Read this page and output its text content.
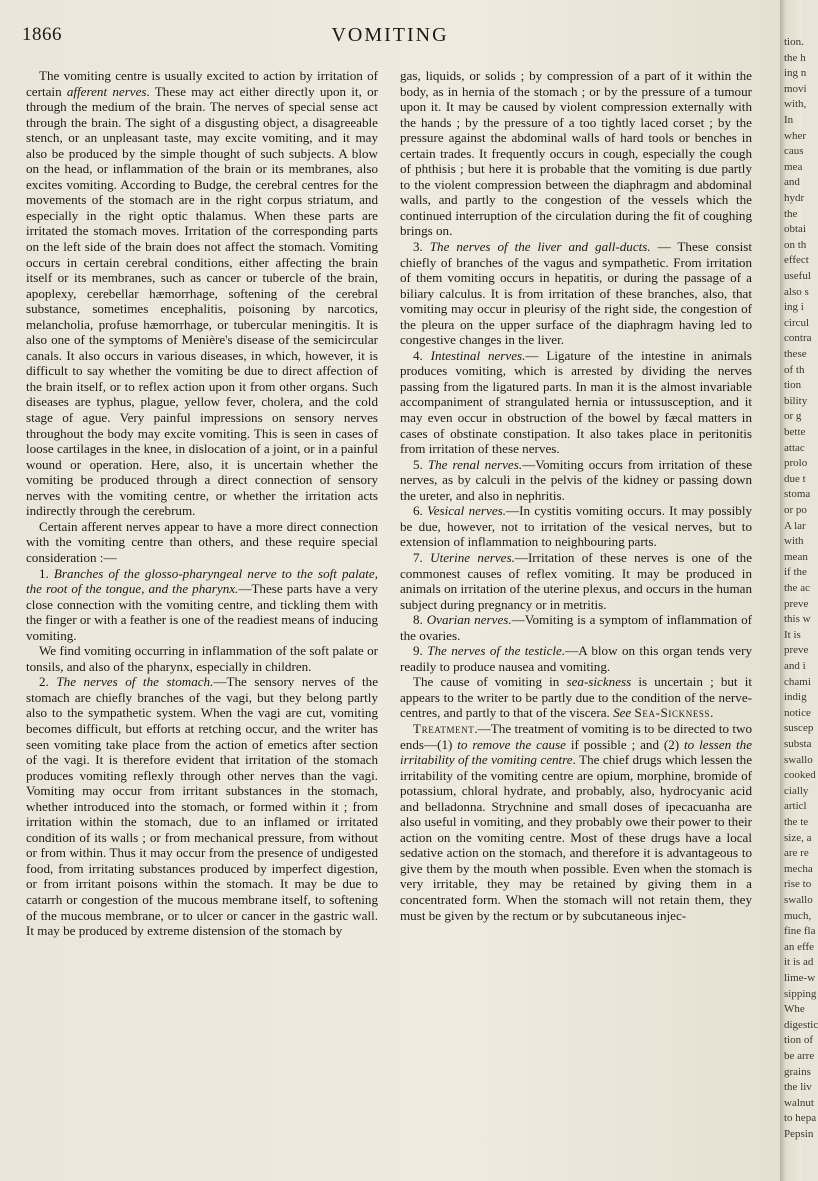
1866	VOMITING

The vomiting centre is usually excited to action by irritation of certain afferent nerves. These may act either directly upon it, or through the medium of the brain. The nerves of special sense act through the brain. The sight of a disgusting object, a disagreeable stench, or an unpleasant taste, may excite vomiting, and it may also be produced by the simple thought of such subjects. A blow on the head, or inflammation of the brain or its membranes, also excites vomiting. According to Budge, the cerebral centres for the movements of the stomach are in the right corpus striatum, and especially in the right optic thalamus. When these parts are irritated the stomach moves. Irritation of the corresponding parts on the left side of the brain does not affect the stomach. Vomiting occurs in certain cerebral conditions, either affecting the brain itself or its membranes, such as cancer or tubercle of the brain, apoplexy, cerebellar hæmorrhage, softening of the cerebral substance, sometimes encephalitis, poisoning by narcotics, melancholia, profuse hæmorrhage, or tubercular meningitis. It is also one of the symptoms of Menière's disease of the semicircular canals. It also occurs in various diseases, in which, however, it is difficult to say whether the vomiting be due to direct affection of the brain itself, or to reflex action upon it from other organs. Such diseases are typhus, plague, yellow fever, cholera, and the cold stage of ague. Very painful impressions on sensory nerves throughout the body may excite vomiting. This is seen in cases of loose cartilages in the knee, in dislocation of a joint, or in a painful wound or operation. Here, also, it is uncertain whether the vomiting be produced through a direct connection of sensory nerves with the vomiting centre, or whether the irritation acts indirectly through the cerebrum.

Certain afferent nerves appear to have a more direct connection with the vomiting centre than others, and these require special consideration :—

1. Branches of the glosso-pharyngeal nerve to the soft palate, the root of the tongue, and the pharynx.—These parts have a very close connection with the vomiting centre, and tickling them with the finger or with a feather is one of the readiest means of inducing vomiting.

We find vomiting occurring in inflammation of the soft palate or tonsils, and also of the pharynx, especially in children.

2. The nerves of the stomach.—The sensory nerves of the stomach are chiefly branches of the vagi, but they belong partly also to the sympathetic system. When the vagi are cut, vomiting becomes difficult, but efforts at retching occur, and the writer has seen vomiting take place from the action of emetics after section of the vagi. It is therefore evident that irritation of the stomach produces vomiting reflexly through other nerves than the vagi. Vomiting may occur from irritant substances in the stomach, whether introduced into the stomach, or formed within it ; from irritation within the stomach, due to an inflamed or irritated condition of its walls ; or from mechanical pressure, from without or from within. Thus it may occur from the presence of undigested food, from irritating substances produced by imperfect digestion, or from irritant poisons within the stomach. It may be due to catarrh or congestion of the mucous membrane itself, to softening of the mucous membrane, or to ulcer or cancer in the gastric wall. It may be produced by extreme distension of the stomach by

gas, liquids, or solids ; by compression of a part of it within the body, as in hernia of the stomach ; or by the pressure of a tumour upon it. It may be caused by violent compression externally with the hands ; by the pressure of a too tightly laced corset ; by the pressure against the abdominal walls of hard tools or benches in certain trades. It frequently occurs in cough, especially the cough of phthisis ; but here it is probable that the vomiting is due partly to the violent compression between the diaphragm and abdominal walls, and partly to the congestion of the vessels which the continued interruption of the circulation during the fit of coughing brings on.

3. The nerves of the liver and gall-ducts. — These consist chiefly of branches of the vagus and sympathetic. From irritation of them vomiting occurs in hepatitis, or during the passage of a biliary calculus. It is from irritation of these branches, also, that vomiting may occur in pleurisy of the right side, the congestion of the pleura on the upper surface of the diaphragm having led to congestive changes in the liver.

4. Intestinal nerves.— Ligature of the intestine in animals produces vomiting, which is arrested by dividing the nerves passing from the ligatured parts. In man it is the almost invariable accompaniment of strangulated hernia or intussusception, and it may even occur in obstruction of the bowel by fæcal matters in cases of obstinate constipation. It also takes place in peritonitis from irritation of these nerves.

5. The renal nerves.—Vomiting occurs from irritation of these nerves, as by calculi in the pelvis of the kidney or passing down the ureter, and also in nephritis.

6. Vesical nerves.—In cystitis vomiting occurs. It may possibly be due, however, not to irritation of the vesical nerves, but to extension of inflammation to neighbouring parts.

7. Uterine nerves.—Irritation of these nerves is one of the commonest causes of reflex vomiting. It may be produced in animals on irritation of the uterine plexus, and occurs in the human subject during pregnancy or in metritis.

8. Ovarian nerves.—Vomiting is a symptom of inflammation of the ovaries.

9. The nerves of the testicle.—A blow on this organ tends very readily to produce nausea and vomiting.

The cause of vomiting in sea-sickness is uncertain ; but it appears to the writer to be partly due to the condition of the nerve-centres, and partly to that of the viscera. See Sea-Sickness.

Treatment.—The treatment of vomiting is to be directed to two ends—(1) to remove the cause if possible ; and (2) to lessen the irritability of the vomiting centre. The chief drugs which lessen the irritability of the vomiting centre are opium, morphine, bromide of potassium, chloral hydrate, and probably, also, hydrocyanic acid and belladonna. Strychnine and small doses of ipecacuanha are also useful in vomiting, and they probably owe their power to their action on the vomiting centre. Most of these drugs have a local sedative action on the stomach, and therefore it is advantageous to give them by the mouth when possible. Even when the stomach is very irritable, they may be retained by giving them in a concentrated form. When the stomach will not retain them, they must be given by the rectum or by subcutaneous injec-

tion.
the h
ing n
movi
with,
In
wher
caus
mea
and
hydr
the
obtai
on th
effect
useful
also s
ing i
circul
contra
these
of th
tion
bility
or g
bette
attac
prolo
due t
stoma
or po
A lar
with
mean
if the
the ac
preve
this w
It is
preve
and i
chami
indig
notice
suscep
substa
swallo
cooked
cially
articl
the te
size, a
are re
mecha
rise to
swallo
much,
fine fla
an effe
it is ad
lime-w
sipping
Whe
digestic
tion of
be arre
grains
the liv
walnut
to hepa
Pepsin
